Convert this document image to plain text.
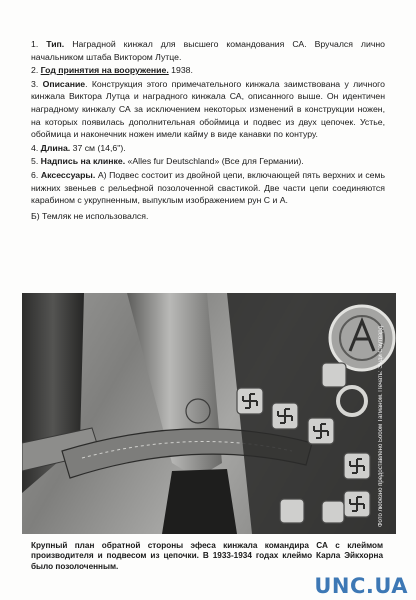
1. Тип. Наградной кинжал для высшего командования СА. Вручался лично начальником штаба Виктором Лутце.

2. Год принятия на вооружение. 1938.

3. Описание. Конструкция этого примечательного кинжала заимствована у личного кинжала Виктора Лутца и наградного кинжала СА, описанного выше. Он идентичен наградному кинжалу СА за исключением некоторых изменений в конструкции ножен, на которых появилась дополнительная обоймица и подвес из двух цепочек. Устье, обоймица и наконечник ножен имели кайму в виде канавки по контуру.

4. Длина. 37 см (14,6").

5. Надпись на клинке. «Alles fur Deutschland» (Все для Германии).

6. Аксессуары. А) Подвес состоит из двойной цепи, включающей пять верхних и семь нижних звеньев с рельефной позолоченной свастикой. Две части цепи соединяются карабином с укрупненным, выпуклым изображением рун С и А.

Б) Темляк не использовался.

Фото любезно предоставлено Бобом Тагманом. Печать: Энди Саутвард.
Крупный план обратной стороны эфеса кинжала командира СА с клеймом производителя и подвесом из цепочки. В 1933-1934 годах клеймо Карла Эйкхорна было позолоченным.
UNC.UA
